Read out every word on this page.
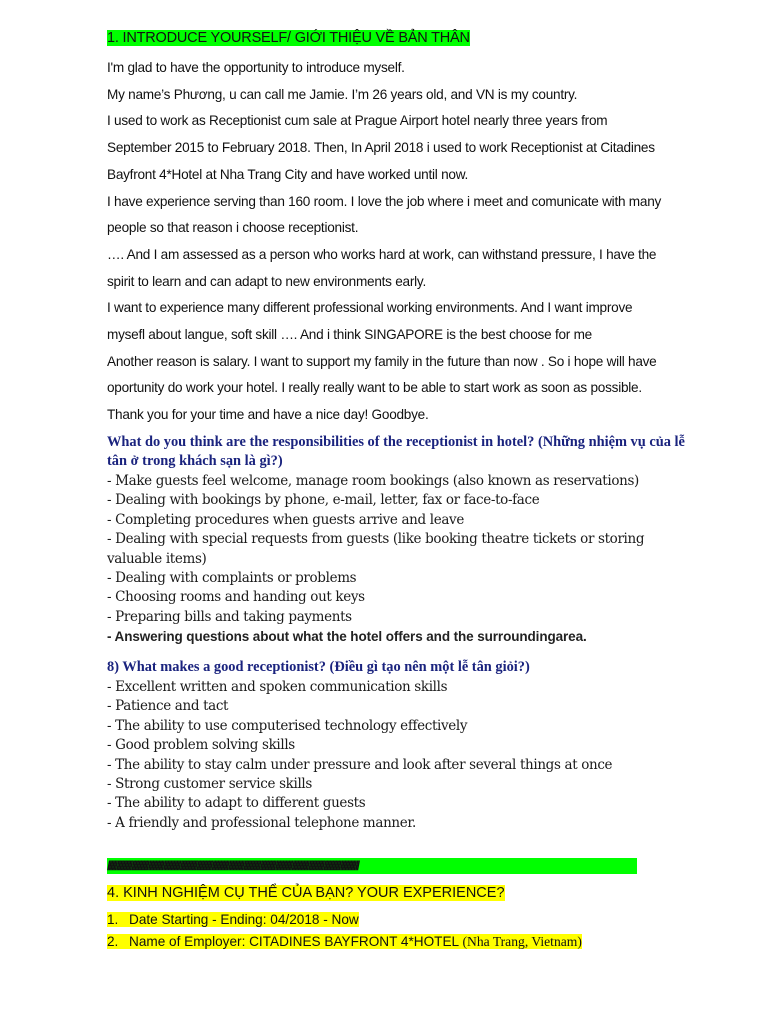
1. INTRODUCE YOURSELF/ GIỚI THIỆU VỀ BẢN THÂN

I'm glad to have the opportunity to introduce myself.

My name’s Phương, u can call me Jamie. I’m 26 years old, and VN is my country.

I used to work as Receptionist cum sale at Prague Airport hotel nearly three years from

September 2015 to February 2018. Then, In April 2018 i used to work Receptionist at Citadines

Bayfront 4*Hotel at Nha Trang City and have worked until now.

I have experience serving than 160 room. I love the job where i meet and comunicate with many

people so that reason i choose receptionist.

…. And I am assessed as a person who works hard at work, can withstand pressure, I have the

spirit to learn and can adapt to new environments early.

I want to experience many different professional working environments. And I want improve

mysefl about langue, soft skill …. And i think SINGAPORE is the best choose for me

Another reason is salary. I want to support my family in the future than now . So i hope will have

oportunity do work your hotel. I really really want to be able to start work as soon as possible.

Thank you for your time and have a nice day! Goodbye.

What do you think are the responsibilities of the receptionist in hotel? (Những nhiệm vụ của lễ tân ở trong khách sạn là gì?)

- Make guests feel welcome, manage room bookings (also known as reservations)
- Dealing with bookings by phone, e-mail, letter, fax or face-to-face
- Completing procedures when guests arrive and leave
- Dealing with special requests from guests (like booking theatre tickets or storing
valuable items)
- Dealing with complaints or problems
- Choosing rooms and handing out keys
- Preparing bills and taking payments
- Answering questions about what the hotel offers and the surroundingarea.

8) What makes a good receptionist? (Điều gì tạo nên một lễ tân giỏi?)

- Excellent written and spoken communication skills
- Patience and tact
- The ability to use computerised technology effectively
- Good problem solving skills
- The ability to stay calm under pressure and look after several things at once
- Strong customer service skills
- The ability to adapt to different guests
- A friendly and professional telephone manner.
//////////////////////////////////////////////////////////////////////////////////////////////////////////////////////////////////////////////////////////////////////
4. KINH NGHIỆM CỤ THỂ CỦA BẠN? YOUR EXPERIENCE?
1. Date Starting - Ending: 04/2018 - Now
2. Name of Employer: CITADINES BAYFRONT 4*HOTEL (Nha Trang, Vietnam)
